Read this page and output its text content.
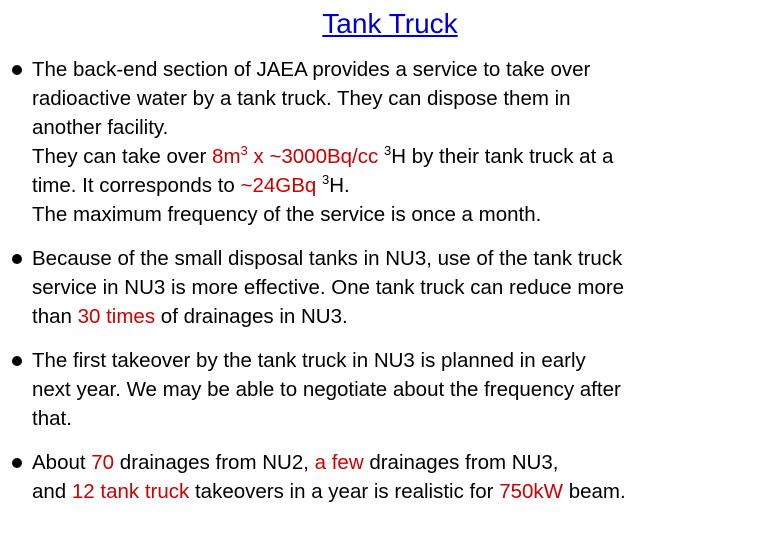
Tank Truck
The back-end section of JAEA provides a service to take over
radioactive water by a tank truck. They can dispose them in
another facility.
They can take over $8m^3$ x ~3000Bq/cc $^3$H by their tank truck at a
time. It corresponds to ~24GBq $^3$H.
The maximum frequency of the service is once a month.
Because of the small disposal tanks in NU3, use of the tank truck
service in NU3 is more effective. One tank truck can reduce more
than 30 times of drainages in NU3.
The first takeover by the tank truck in NU3 is planned in early
next year. We may be able to negotiate about the frequency after
that.
About 70 drainages from NU2, a few drainages from NU3,
and 12 tank truck takeovers in a year is realistic for 750kW beam.
